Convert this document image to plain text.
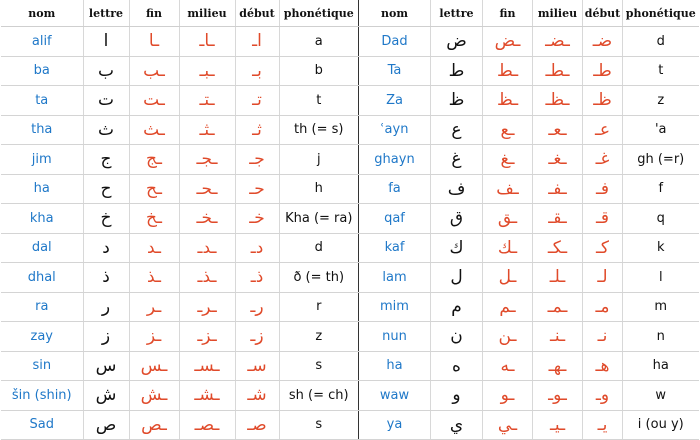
nom	lettre	fin	milieu	début	phonétique
alif	ا	ـا	ـاـ	اـ	a
ba	ب	ـب	ـبـ	بـ	b
ta	ت	ـت	ـتـ	تـ	t
tha	ث	ـث	ـثـ	ثـ	th (= s)
jim	ج	ـج	ـجـ	جـ	j
ha	ح	ـح	ـحـ	حـ	h
kha	خ	ـخ	ـخـ	خـ	Kha (= ra)
dal	د	ـد	ـدـ	دـ	d
dhal	ذ	ـذ	ـذـ	ذـ	ð (= th)
ra	ر	ـر	ـرـ	رـ	r
zay	ز	ـز	ـزـ	زـ	z
sin	س	ـس	ـسـ	سـ	s
šin (shin)	ش	ـش	ـشـ	شـ	sh (= ch)
Sad	ص	ـص	ـصـ	صـ	s
nom	lettre	fin	milieu	début	phonétique
Dad	ض	ـض	ـضـ	ضـ	d
Ta	ط	ـط	ـطـ	طـ	t
Za	ظ	ـظ	ـظـ	ظـ	z
ʿayn	ع	ـع	ـعـ	عـ	'a
ghayn	غ	ـغ	ـغـ	غـ	gh (=r)
fa	ف	ـف	ـفـ	فـ	f
qaf	ق	ـق	ـقـ	قـ	q
kaf	ك	ـك	ـكـ	كـ	k
lam	ل	ـل	ـلـ	لـ	l
mim	م	ـم	ـمـ	مـ	m
nun	ن	ـن	ـنـ	نـ	n
ha	ه	ـه	ـهـ	هـ	ha
waw	و	ـو	ـوـ	وـ	w
ya	ي	ـي	ـيـ	يـ	i (ou y)
